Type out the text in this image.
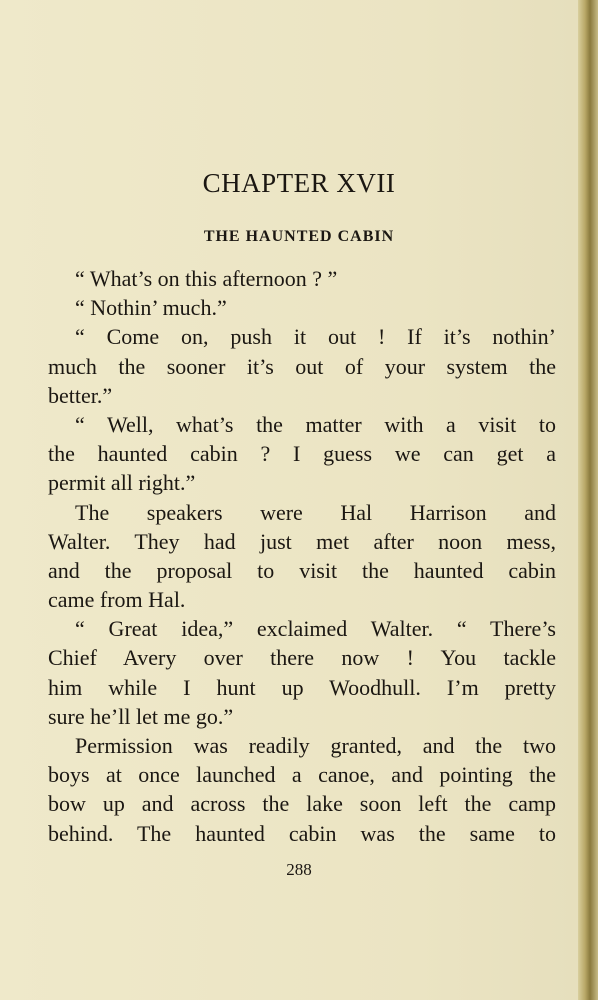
CHAPTER XVII
THE HAUNTED CABIN
“ What’s on this afternoon ? ”
“ Nothin’ much.”
“ Come on, push it out ! If it’s nothin’
much the sooner it’s out of your system the
better.”
“ Well, what’s the matter with a visit to
the haunted cabin ? I guess we can get a
permit all right.”
The speakers were Hal Harrison and
Walter. They had just met after noon mess,
and the proposal to visit the haunted cabin
came from Hal.
“ Great idea,” exclaimed Walter. “ There’s
Chief Avery over there now ! You tackle
him while I hunt up Woodhull. I’m pretty
sure he’ll let me go.”
Permission was readily granted, and the two
boys at once launched a canoe, and pointing the
bow up and across the lake soon left the camp
behind. The haunted cabin was the same to
288
